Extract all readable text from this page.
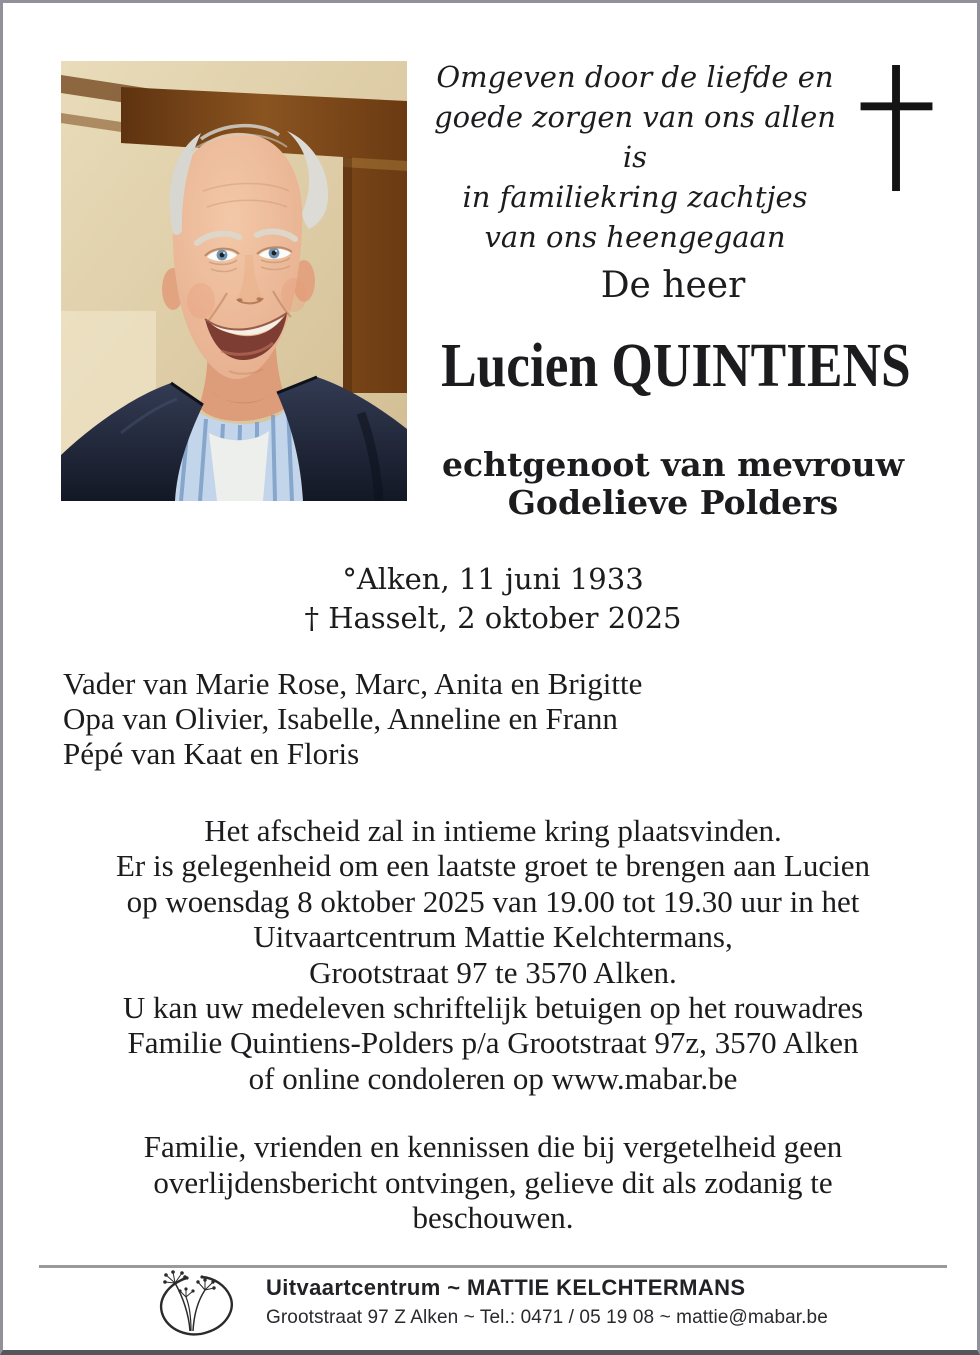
Omgeven door de liefde en
goede zorgen van ons allen is
in familiekring zachtjes
van ons heengegaan
De heer
Lucien QUINTIENS
echtgenoot van mevrouw
Godelieve Polders
°Alken, 11 juni 1933
† Hasselt, 2 oktober 2025
Vader van Marie Rose, Marc, Anita en Brigitte
Opa van Olivier, Isabelle, Anneline en Frann
Pépé van Kaat en Floris
Het afscheid zal in intieme kring plaatsvinden.
Er is gelegenheid om een laatste groet te brengen aan Lucien
op woensdag 8 oktober 2025 van 19.00 tot 19.30 uur in het
Uitvaartcentrum Mattie Kelchtermans,
Grootstraat 97 te 3570 Alken.
U kan uw medeleven schriftelijk betuigen op het rouwadres
Familie Quintiens-Polders p/a Grootstraat 97z, 3570 Alken
of online condoleren op www.mabar.be
Familie, vrienden en kennissen die bij vergetelheid geen
overlijdensbericht ontvingen, gelieve dit als zodanig te
beschouwen.
Uitvaartcentrum ~ MATTIE KELCHTERMANS
Grootstraat 97 Z Alken ~ Tel.: 0471 / 05 19 08 ~ mattie@mabar.be
